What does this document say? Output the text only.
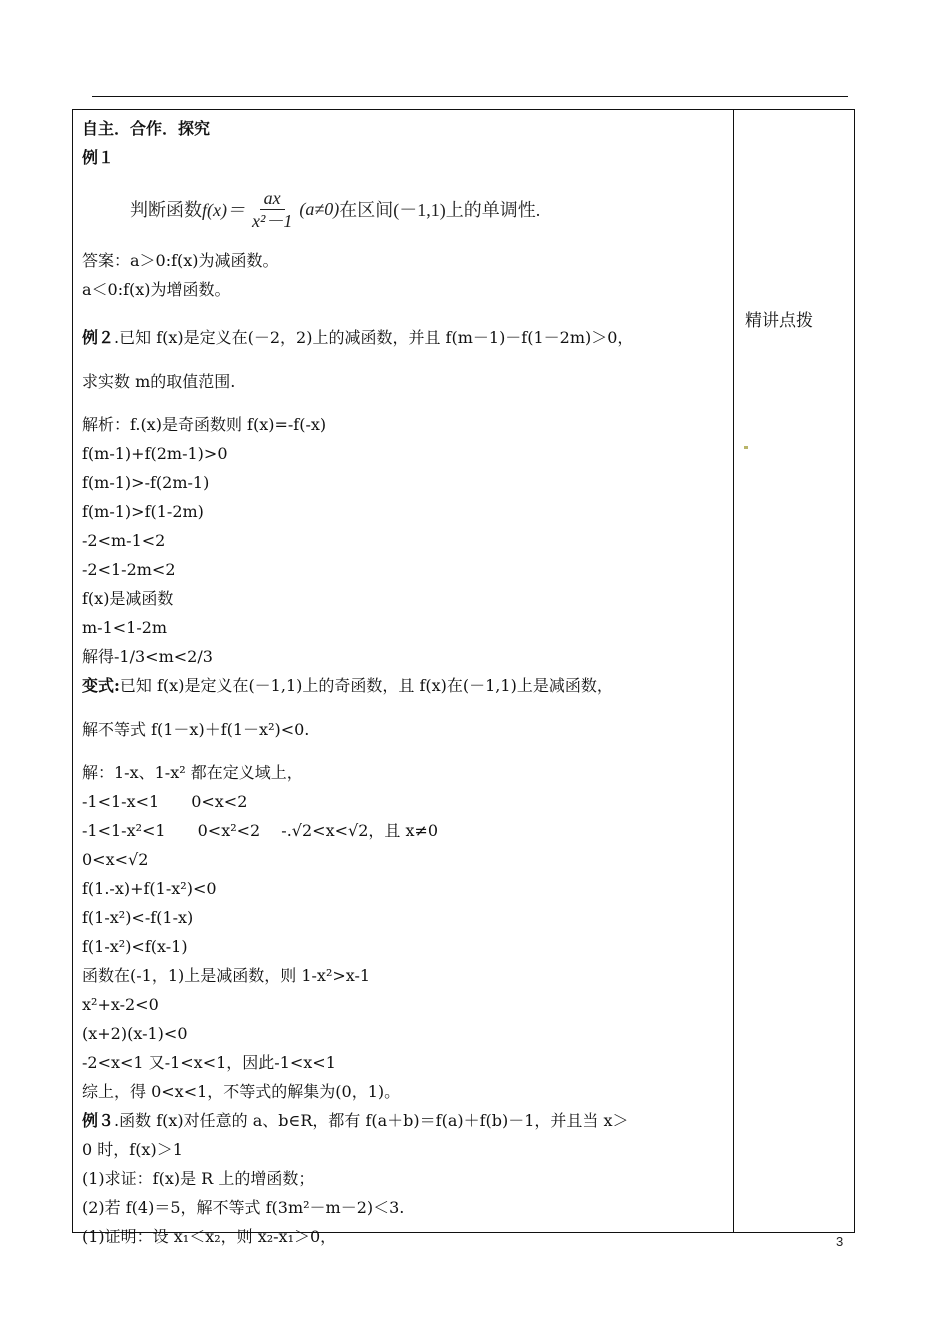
自主．合作．探究
例１
判断函数 $f(x)= \frac{ax}{\text{x²－1}} (a\ne 0)$ 在区间(－1,1)上的单调性.
答案：a＞0:f(x)为减函数。
a＜0:f(x)为增函数。
例２.已知 f(x)是定义在(－2，2)上的减函数，并且 f(m－1)－f(1－2m)＞0，
求实数 m的取值范围.
解析：f.(x)是奇函数则 f(x)=-f(-x)
f(m-1)+f(2m-1)>0
f(m-1)>-f(2m-1)
f(m-1)>f(1-2m)
-2<m-1<2
-2<1-2m<2
f(x)是减函数
m-1<1-2m
解得-1/3<m<2/3
变式:已知 f(x)是定义在(－1,1)上的奇函数，且 f(x)在(－1,1)上是减函数，
解不等式 f(1－x)＋f(1－x²)<0.
解：1-x、1-x² 都在定义域上，
-1<1-x<1　　0<x<2
-1<1-x²<1　　0<x²<2　 -.√2<x<√2，且 x≠0
0<x<√2
f(1.-x)+f(1-x²)<0
f(1-x²)<-f(1-x)
f(1-x²)<f(x-1)
函数在(-1，1)上是减函数，则 1-x²>x-1
x²+x-2<0
(x+2)(x-1)<0
-2<x<1 又-1<x<1，因此-1<x<1
综上，得 0<x<1，不等式的解集为(0，1)。
例３.函数 f(x)对任意的 a、b∈R，都有 f(a＋b)＝f(a)＋f(b)－1，并且当 x＞
0 时，f(x)＞1
(1)求证：f(x)是 R 上的增函数；
(2)若 f(4)＝5，解不等式 f(3m²－m－2)＜3.
(1)证明：设 x₁＜x₂，则 x₂-x₁＞0，
精讲点拨
3
